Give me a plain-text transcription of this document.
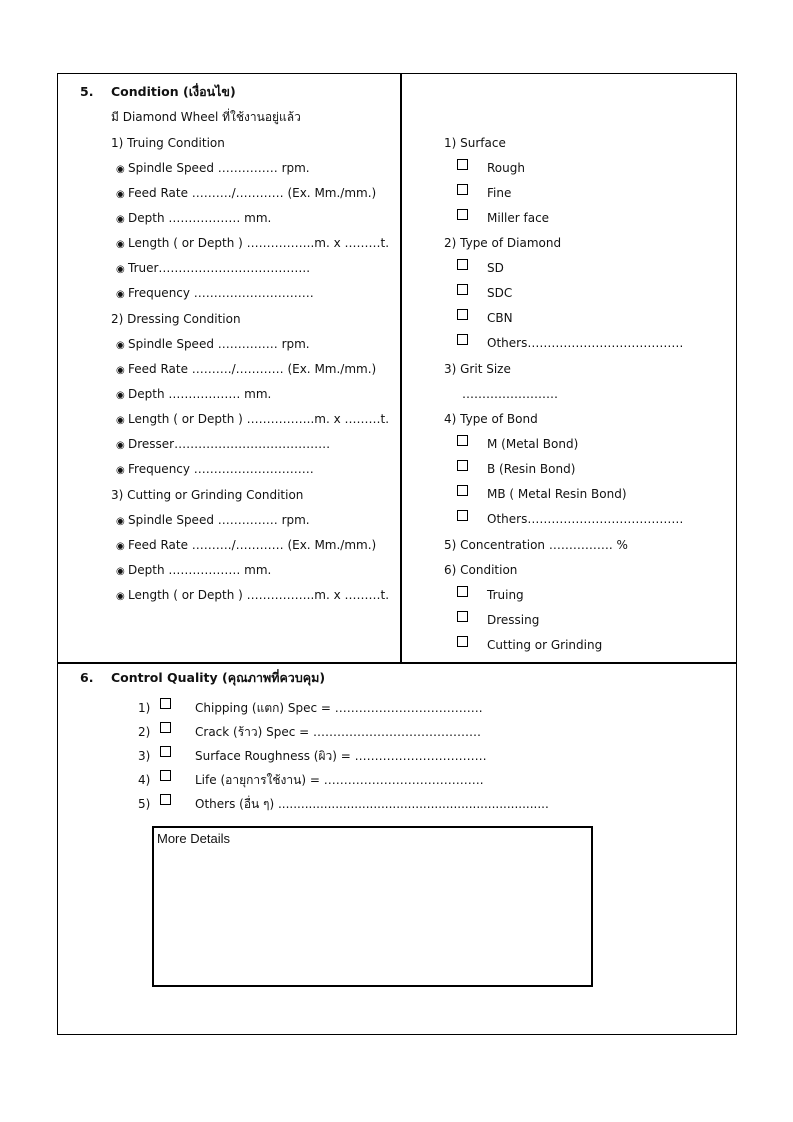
5. Condition (เงื่อนไข)
มี Diamond Wheel ที่ใช้งานอยู่แล้ว
1) Truing Condition
◉ Spindle Speed …………… rpm.
◉ Feed Rate ………./………… (Ex. Mm./mm.)
◉ Depth ……………… mm.
◉ Length ( or Depth ) ……………..m. x ………t.
◉ Truer………………………………..
◉ Frequency …………………………
2) Dressing Condition
◉ Spindle Speed …………… rpm.
◉ Feed Rate ………./………… (Ex. Mm./mm.)
◉ Depth ……………… mm.
◉ Length ( or Depth ) ……………..m. x ………t.
◉ Dresser…………………………………
◉ Frequency …………………………
3) Cutting or Grinding Condition
◉ Spindle Speed …………… rpm.
◉ Feed Rate ………./………… (Ex. Mm./mm.)
◉ Depth ……………… mm.
◉ Length ( or Depth ) ……………..m. x ………t.
1) Surface
Rough
Fine
Miller face
2) Type of Diamond
SD
SDC
CBN
Others…………………………………
3) Grit Size
……………………
4) Type of Bond
M (Metal Bond)
B (Resin Bond)
MB ( Metal Resin Bond)
Others…………………………………
5) Concentration ……………. %
6) Condition
Truing
Dressing
Cutting or Grinding
6. Control Quality (คุณภาพที่ควบคุม)
1)	Chipping (แตก) Spec = ……………………………….
2)	Crack (ร้าว) Spec = ……………………………………
3)	Surface Roughness (ผิว) = ……………………………
4)	Life (อายุการใช้งาน) = ………………………………….
5)	Others (อื่น ๆ) .......................................................................
More Details
